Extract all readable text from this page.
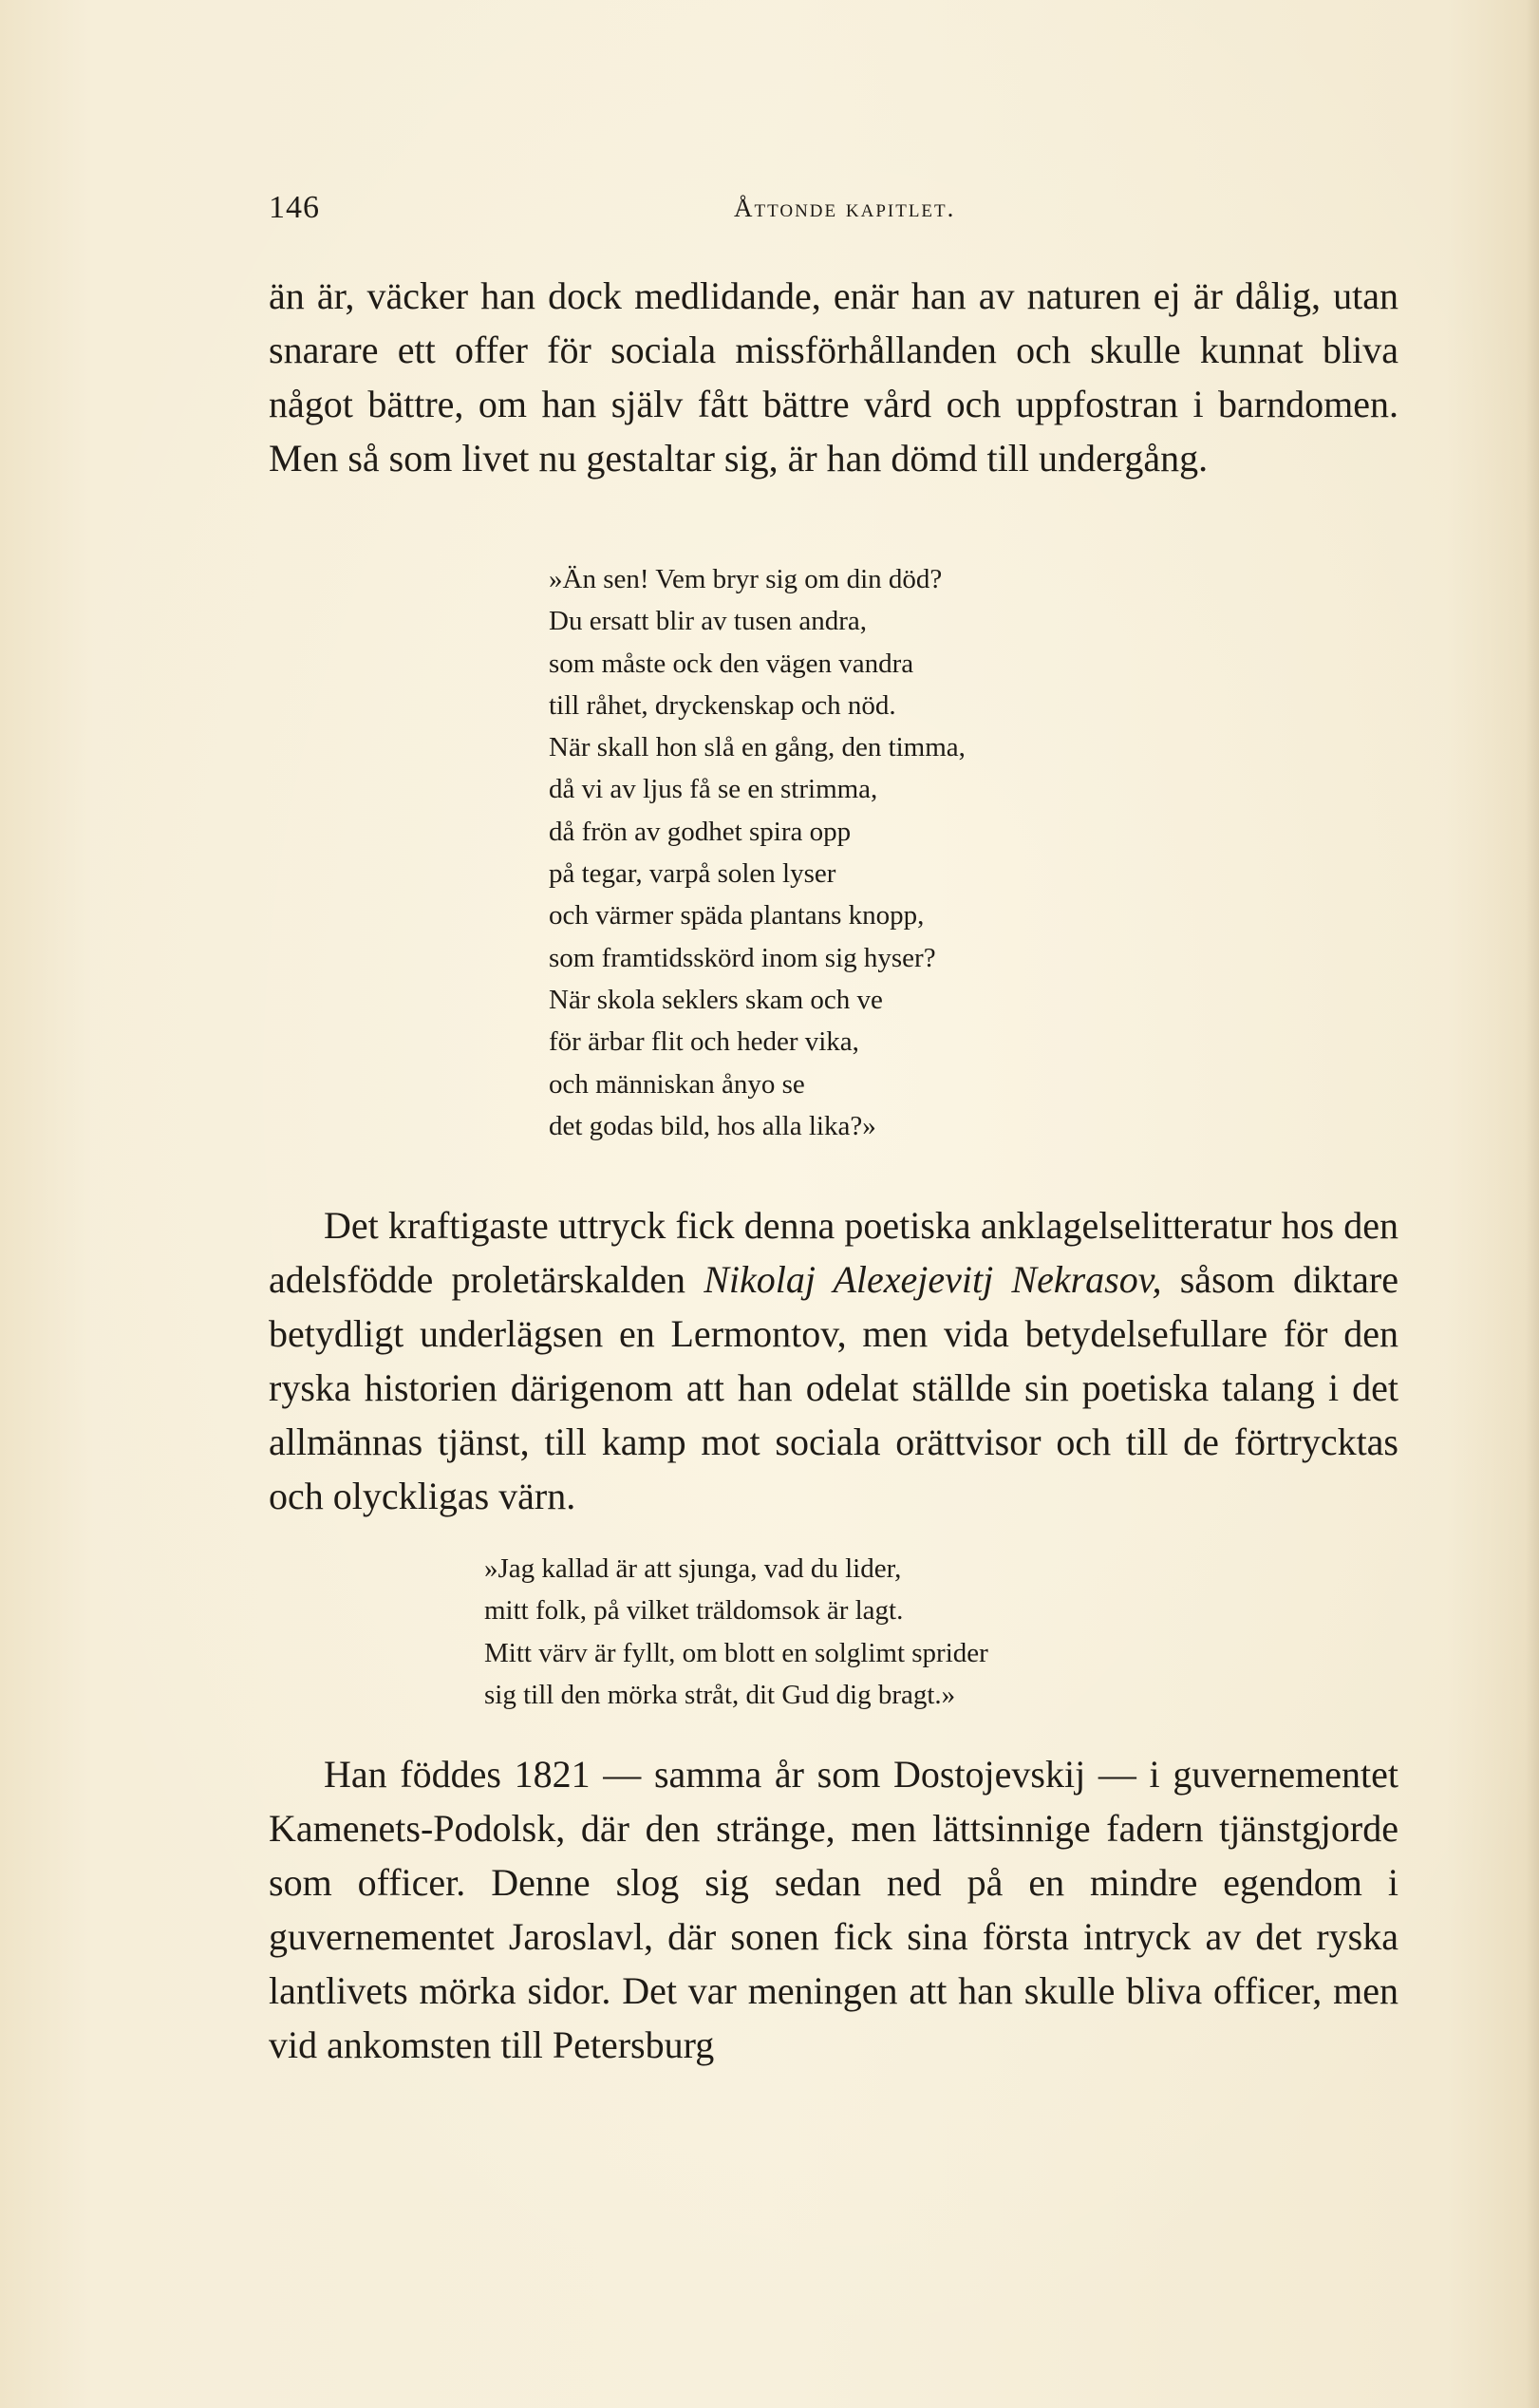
146	Åttonde kapitlet.

än är, väcker han dock medlidande, enär han av naturen ej är dålig, utan snarare ett offer för sociala missförhållanden och skulle kunnat bliva något bättre, om han själv fått bättre vård och uppfostran i barndomen. Men så som livet nu gestaltar sig, är han dömd till undergång.

»Än sen! Vem bryr sig om din död?
Du ersatt blir av tusen andra,
som måste ock den vägen vandra
till råhet, dryckenskap och nöd.
När skall hon slå en gång, den timma,
då vi av ljus få se en strimma,
då frön av godhet spira opp
på tegar, varpå solen lyser
och värmer späda plantans knopp,
som framtidsskörd inom sig hyser?
När skola seklers skam och ve
för ärbar flit och heder vika,
och människan ånyo se
det godas bild, hos alla lika?»

Det kraftigaste uttryck fick denna poetiska anklagelselitteratur hos den adelsfödde proletärskalden Nikolaj Alexejevitj Nekrasov, såsom diktare betydligt underlägsen en Lermontov, men vida betydelsefullare för den ryska historien därigenom att han odelat ställde sin poetiska talang i det allmännas tjänst, till kamp mot sociala orättvisor och till de förtrycktas och olyckligas värn.

»Jag kallad är att sjunga, vad du lider,
mitt folk, på vilket träldomsok är lagt.
Mitt värv är fyllt, om blott en solglimt sprider
sig till den mörka stråt, dit Gud dig bragt.»

Han föddes 1821 — samma år som Dostojevskij — i guvernementet Kamenets-Podolsk, där den stränge, men lättsinnige fadern tjänstgjorde som officer. Denne slog sig sedan ned på en mindre egendom i guvernementet Jaroslavl, där sonen fick sina första intryck av det ryska lantlivets mörka sidor. Det var meningen att han skulle bliva officer, men vid ankomsten till Petersburg
